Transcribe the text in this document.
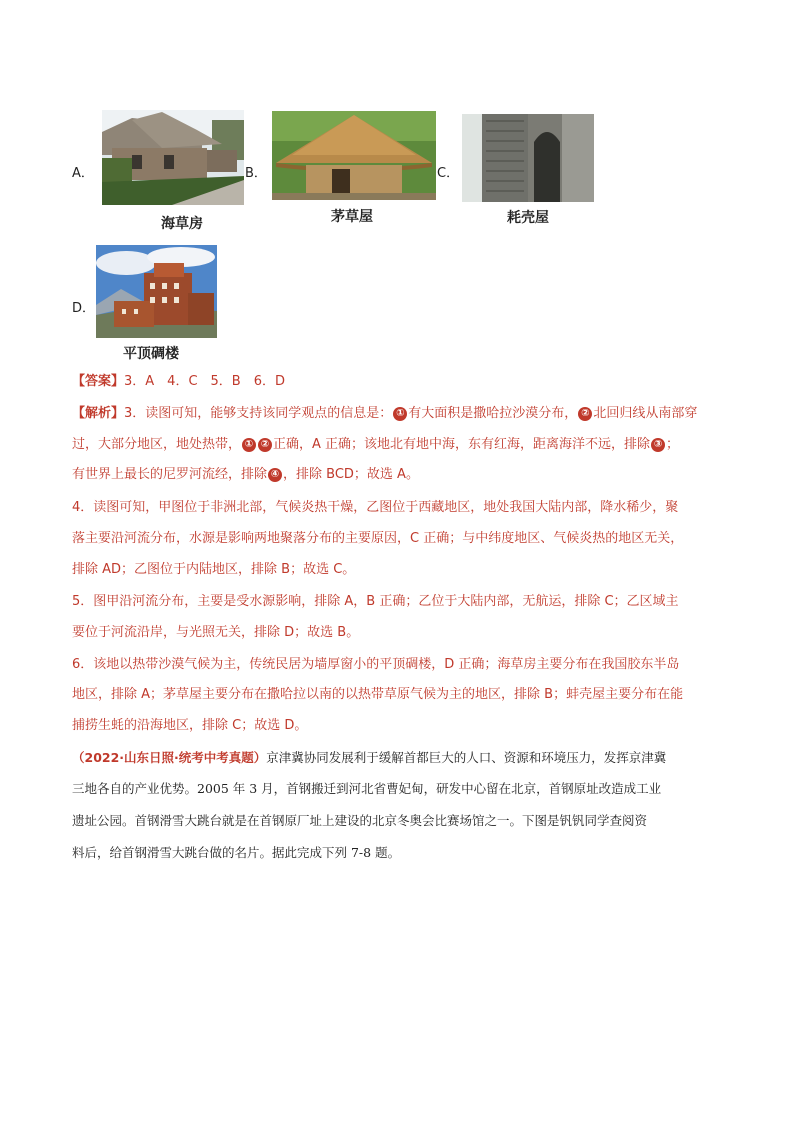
A．
海草房
B．
茅草屋
C．
耗壳屋
D．
平顶碉楼
【答案】3．A　4．C　5．B　6．D
【解析】3．读图可知，能够支持该同学观点的信息是： ① 有大面积是撒哈拉沙漠分布， ② 北回归线从南部穿
过，大部分地区，地处热带， ① ② 正确，A 正确；该地北有地中海，东有红海，距离海洋不远，排除 ③ ；
有世界上最长的尼罗河流经，排除 ④ ，排除 BCD；故选 A。
4．读图可知，甲图位于非洲北部，气候炎热干燥，乙图位于西藏地区，地处我国大陆内部，降水稀少，聚
落主要沿河流分布，水源是影响两地聚落分布的主要原因，C 正确；与中纬度地区、气候炎热的地区无关，
排除 AD；乙图位于内陆地区，排除 B；故选 C。
5．图甲沿河流分布，主要是受水源影响，排除 A，B 正确；乙位于大陆内部，无航运，排除 C；乙区域主
要位于河流沿岸，与光照无关，排除 D；故选 B。
6．该地以热带沙漠气候为主，传统民居为墙厚窗小的平顶碉楼，D 正确；海草房主要分布在我国胶东半岛
地区，排除 A；茅草屋主要分布在撒哈拉以南的以热带草原气候为主的地区，排除 B；蚌壳屋主要分布在能
捕捞生蚝的沿海地区，排除 C；故选 D。
（2022·山东日照·统考中考真题）京津冀协同发展利于缓解首都巨大的人口、资源和环境压力，发挥京津冀
三地各自的产业优势。2005 年 3 月，首钢搬迁到河北省曹妃甸，研发中心留在北京，首钢原址改造成工业
遗址公园。首钢滑雪大跳台就是在首钢原厂址上建设的北京冬奥会比赛场馆之一。下图是钒钒同学查阅资
料后，给首钢滑雪大跳台做的名片。据此完成下列 7-8 题。
